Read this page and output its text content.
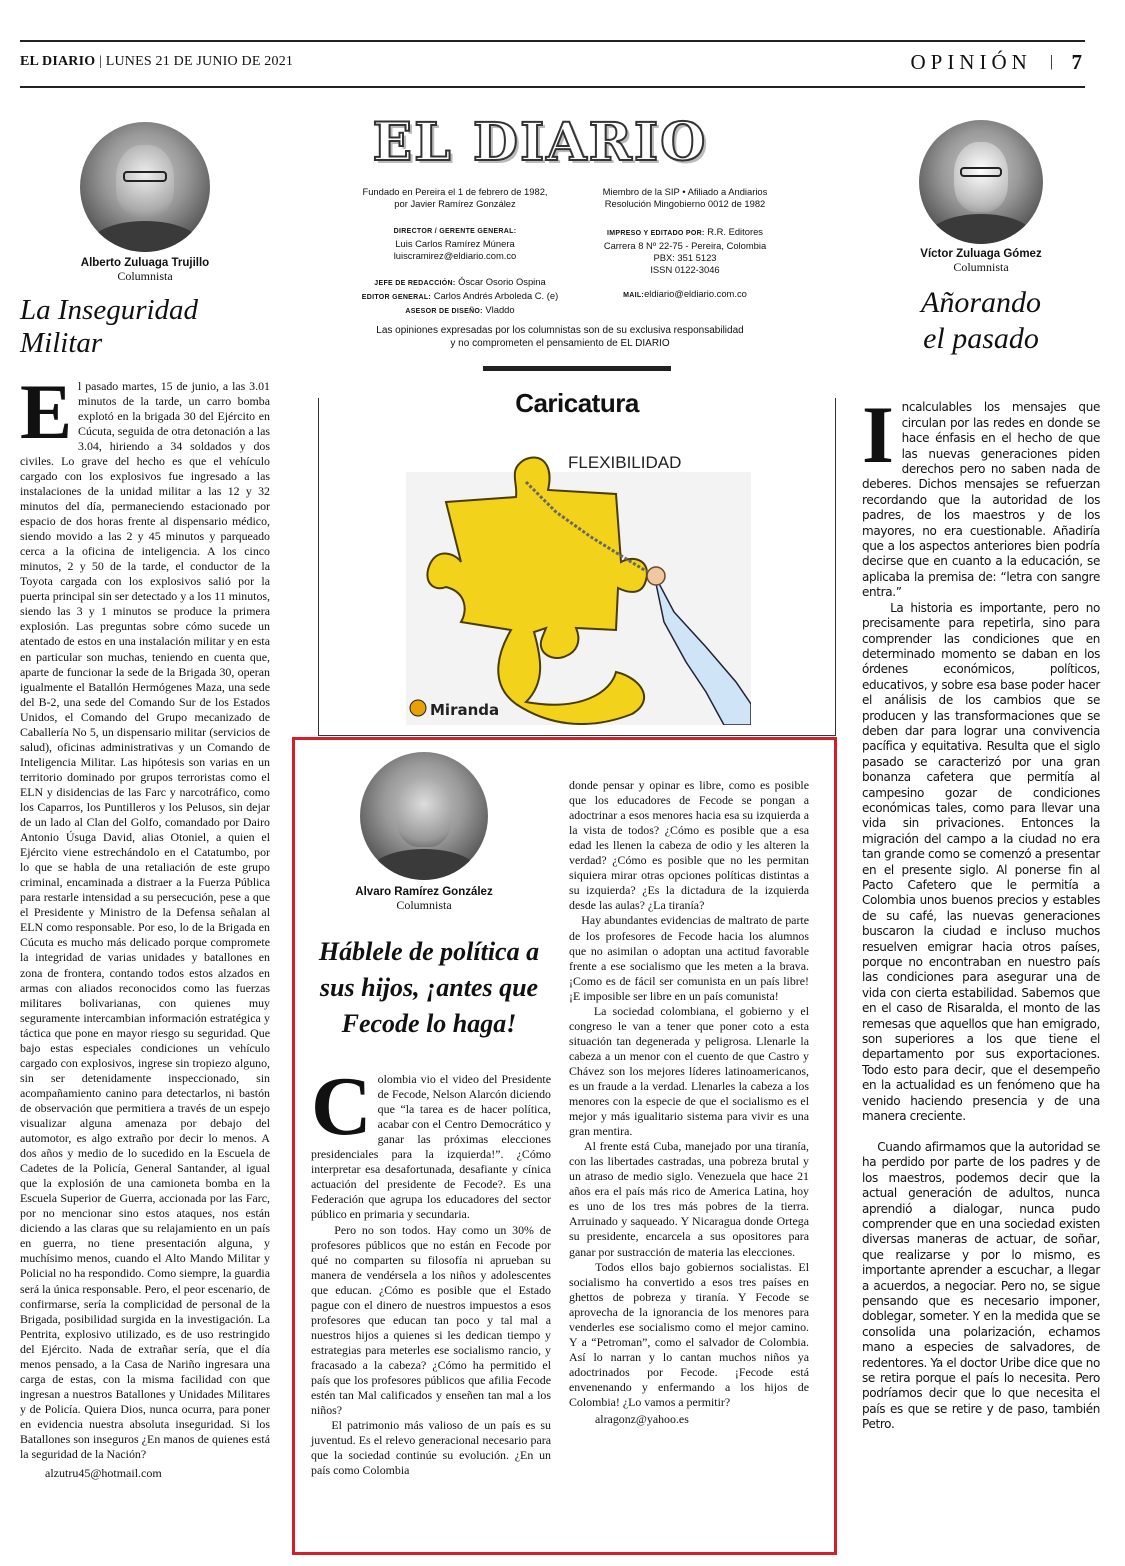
EL DIARIO | LUNES 21 DE JUNIO DE 2021	OPINIÓN | 7
Alberto Zuluaga Trujillo
Columnista
La Inseguridad Militar
El pasado martes, 15 de junio, a las 3.01 minutos de la tarde, un carro bomba explotó en la brigada 30 del Ejército en Cúcuta, seguida de otra detonación a las 3.04, hiriendo a 34 soldados y dos civiles. Lo grave del hecho es que el vehículo cargado con los explosivos fue ingresado a las instalaciones de la unidad militar a las 12 y 32 minutos del día, permaneciendo estacionado por espacio de dos horas frente al dispensario médico, siendo movido a las 2 y 45 minutos y parqueado cerca a la oficina de inteligencia. A los cinco minutos, 2 y 50 de la tarde, el conductor de la Toyota cargada con los explosivos salió por la puerta principal sin ser detectado y a los 11 minutos, siendo las 3 y 1 minutos se produce la primera explosión. Las preguntas sobre cómo sucede un atentado de estos en una instalación militar y en esta en particular son muchas, teniendo en cuenta que, aparte de funcionar la sede de la Brigada 30, operan igualmente el Batallón Hermógenes Maza, una sede del B-2, una sede del Comando Sur de los Estados Unidos, el Comando del Grupo mecanizado de Caballería No 5, un dispensario militar (servicios de salud), oficinas administrativas y un Comando de Inteligencia Militar. Las hipótesis son varias en un territorio dominado por grupos terroristas como el ELN y disidencias de las Farc y narcotráfico, como los Caparros, los Puntilleros y los Pelusos, sin dejar de un lado al Clan del Golfo, comandado por Dairo Antonio Úsuga David, alias Otoniel, a quien el Ejército viene estrechándolo en el Catatumbo, por lo que se habla de una retaliación de este grupo criminal, encaminada a distraer a la Fuerza Pública para restarle intensidad a su persecución, pese a que el Presidente y Ministro de la Defensa señalan al ELN como responsable. Por eso, lo de la Brigada en Cúcuta es mucho más delicado porque compromete la integridad de varias unidades y batallones en zona de frontera, contando todos estos alzados en armas con aliados reconocidos como las fuerzas militares bolivarianas, con quienes muy seguramente intercambian información estratégica y táctica que pone en mayor riesgo su seguridad. Que bajo estas especiales condiciones un vehículo cargado con explosivos, ingrese sin tropiezo alguno, sin ser detenidamente inspeccionado, sin acompañamiento canino para detectarlos, ni bastón de observación que permitiera a través de un espejo visualizar alguna amenaza por debajo del automotor, es algo extraño por decir lo menos. A dos años y medio de lo sucedido en la Escuela de Cadetes de la Policía, General Santander, al igual que la explosión de una camioneta bomba en la Escuela Superior de Guerra, accionada por las Farc, por no mencionar sino estos ataques, nos están diciendo a las claras que su relajamiento en un país en guerra, no tiene presentación alguna, y muchísimo menos, cuando el Alto Mando Militar y Policial no ha respondido. Como siempre, la guardia será la única responsable. Pero, el peor escenario, de confirmarse, sería la complicidad de personal de la Brigada, posibilidad surgida en la investigación. La Pentrita, explosivo utilizado, es de uso restringido del Ejército. Nada de extrañar sería, que el día menos pensado, a la Casa de Nariño ingresara una carga de estas, con la misma facilidad con que ingresan a nuestros Batallones y Unidades Militares y de Policía. Quiera Dios, nunca ocurra, para poner en evidencia nuestra absoluta inseguridad. Si los Batallones son inseguros ¿En manos de quienes está la seguridad de la Nación?
alzutru45@hotmail.com
EL DIARIO
Fundado en Pereira el 1 de febrero de 1982,
por Javier Ramírez González
Miembro de la SIP • Afiliado a Andiarios
Resolución Mingobierno 0012 de 1982
DIRECTOR / GERENTE GENERAL:
Luis Carlos Ramírez Múnera
luiscramirez@eldiario.com.co
IMPRESO Y EDITADO POR: R.R. Editores
Carrera 8 Nº 22-75 - Pereira, Colombia
PBX: 351 5123
ISSN 0122-3046
JEFE DE REDACCIÓN: Óscar Osorio Ospina
EDITOR GENERAL: Carlos Andrés Arboleda C. (e)
ASESOR DE DISEÑO: Vladdo
MAIL:eldiario@eldiario.com.co
Las opiniones expresadas por los columnistas son de su exclusiva responsabilidad
y no comprometen el pensamiento de EL DIARIO
Caricatura
FLEXIBILIDAD
Miranda
Alvaro Ramírez González
Columnista
Háblele de política a sus hijos, ¡antes que Fecode lo haga!

Colombia vio el video del Presidente de Fecode, Nelson Alarcón diciendo que “la tarea es de hacer política, acabar con el Centro Democrático y ganar las próximas elecciones presidenciales para la izquierda!”. ¿Cómo interpretar esa desafortunada, desafiante y cínica actuación del presidente de Fecode?. Es una Federación que agrupa los educadores del sector público en primaria y secundaria.
Pero no son todos. Hay como un 30% de profesores públicos que no están en Fecode por qué no comparten su filosofía ni aprueban su manera de vendérsela a los niños y adolescentes que educan. ¿Cómo es posible que el Estado pague con el dinero de nuestros impuestos a esos profesores que educan tan poco y tal mal a nuestros hijos a quienes si les dedican tiempo y estrategias para meterles ese socialismo rancio, y fracasado a la cabeza? ¿Cómo ha permitido el país que los profesores públicos que afilia Fecode estén tan Mal calificados y enseñen tan mal a los niños?
El patrimonio más valioso de un país es su juventud. Es el relevo generacional necesario para que la sociedad continúe su evolución. ¿En un país como Colombia

donde pensar y opinar es libre, como es posible que los educadores de Fecode se pongan a adoctrinar a esos menores hacia esa su izquierda a la vista de todos? ¿Cómo es posible que a esa edad les llenen la cabeza de odio y les alteren la verdad? ¿Cómo es posible que no les permitan siquiera mirar otras opciones políticas distintas a su izquierda? ¿Es la dictadura de la izquierda desde las aulas? ¿La tiranía?
Hay abundantes evidencias de maltrato de parte de los profesores de Fecode hacia los alumnos que no asimilan o adoptan una actitud favorable frente a ese socialismo que les meten a la brava. ¡Como es de fácil ser comunista en un país libre! ¡E imposible ser libre en un país comunista!
La sociedad colombiana, el gobierno y el congreso le van a tener que poner coto a esta situación tan degenerada y peligrosa. Llenarle la cabeza a un menor con el cuento de que Castro y Chávez son los mejores líderes latinoamericanos, es un fraude a la verdad. Llenarles la cabeza a los menores con la especie de que el socialismo es el mejor y más igualitario sistema para vivir es una gran mentira.
Al frente está Cuba, manejado por una tiranía, con las libertades castradas, una pobreza brutal y un atraso de medio siglo. Venezuela que hace 21 años era el país más rico de America Latina, hoy es uno de los tres más pobres de la tierra. Arruinado y saqueado. Y Nicaragua donde Ortega su presidente, encarcela a sus opositores para ganar por sustracción de materia las elecciones.
Todos ellos bajo gobiernos socialistas. El socialismo ha convertido a esos tres países en ghettos de pobreza y tiranía. Y Fecode se aprovecha de la ignorancia de los menores para venderles ese socialismo como el mejor camino. Y a “Petroman”, como el salvador de Colombia. Así lo narran y lo cantan muchos niños ya adoctrinados por Fecode. ¡Fecode está envenenando y enfermando a los hijos de Colombia! ¿Lo vamos a permitir?

alragonz@yahoo.es

Víctor Zuluaga Gómez
Columnista
Añorando
el pasado

Incalculables los mensajes que circulan por las redes en donde se hace énfasis en el hecho de que las nuevas generaciones piden derechos pero no saben nada de deberes. Dichos mensajes se refuerzan recordando que la autoridad de los padres, de los maestros y de los mayores, no era cuestionable. Añadiría que a los aspectos anteriores bien podría decirse que en cuanto a la educación, se aplicaba la premisa de: “letra con sangre entra.”
La historia es importante, pero no precisamente para repetirla, sino para comprender las condiciones que en determinado momento se daban en los órdenes económicos, políticos, educativos, y sobre esa base poder hacer el análisis de los cambios que se producen y las transformaciones que se deben dar para lograr una convivencia pacífica y equitativa. Resulta que el siglo pasado se caracterizó por una gran bonanza cafetera que permitía al campesino gozar de condiciones económicas tales, como para llevar una vida sin privaciones. Entonces la migración del campo a la ciudad no era tan grande como se comenzó a presentar en el presente siglo. Al ponerse fin al Pacto Cafetero que le permitía a Colombia unos buenos precios y estables de su café, las nuevas generaciones buscaron la ciudad e incluso muchos resuelven emigrar hacia otros países, porque no encontraban en nuestro país las condiciones para asegurar una de vida con cierta estabilidad. Sabemos que en el caso de Risaralda, el monto de las remesas que aquellos que han emigrado, son superiores a los que tiene el departamento por sus exportaciones. Todo esto para decir, que el desempeño en la actualidad es un fenómeno que ha venido haciendo presencia y de una manera creciente.

Cuando afirmamos que la autoridad se ha perdido por parte de los padres y de los maestros, podemos decir que la actual generación de adultos, nunca aprendió a dialogar, nunca pudo comprender que en una sociedad existen diversas maneras de actuar, de soñar, que realizarse y por lo mismo, es importante aprender a escuchar, a llegar a acuerdos, a negociar. Pero no, se sigue pensando que es necesario imponer, doblegar, someter. Y en la medida que se consolida una polarización, echamos mano a especies de salvadores, de redentores. Ya el doctor Uribe dice que no se retira porque el país lo necesita. Pero podríamos decir que lo que necesita el país es que se retire y de paso, también Petro.
